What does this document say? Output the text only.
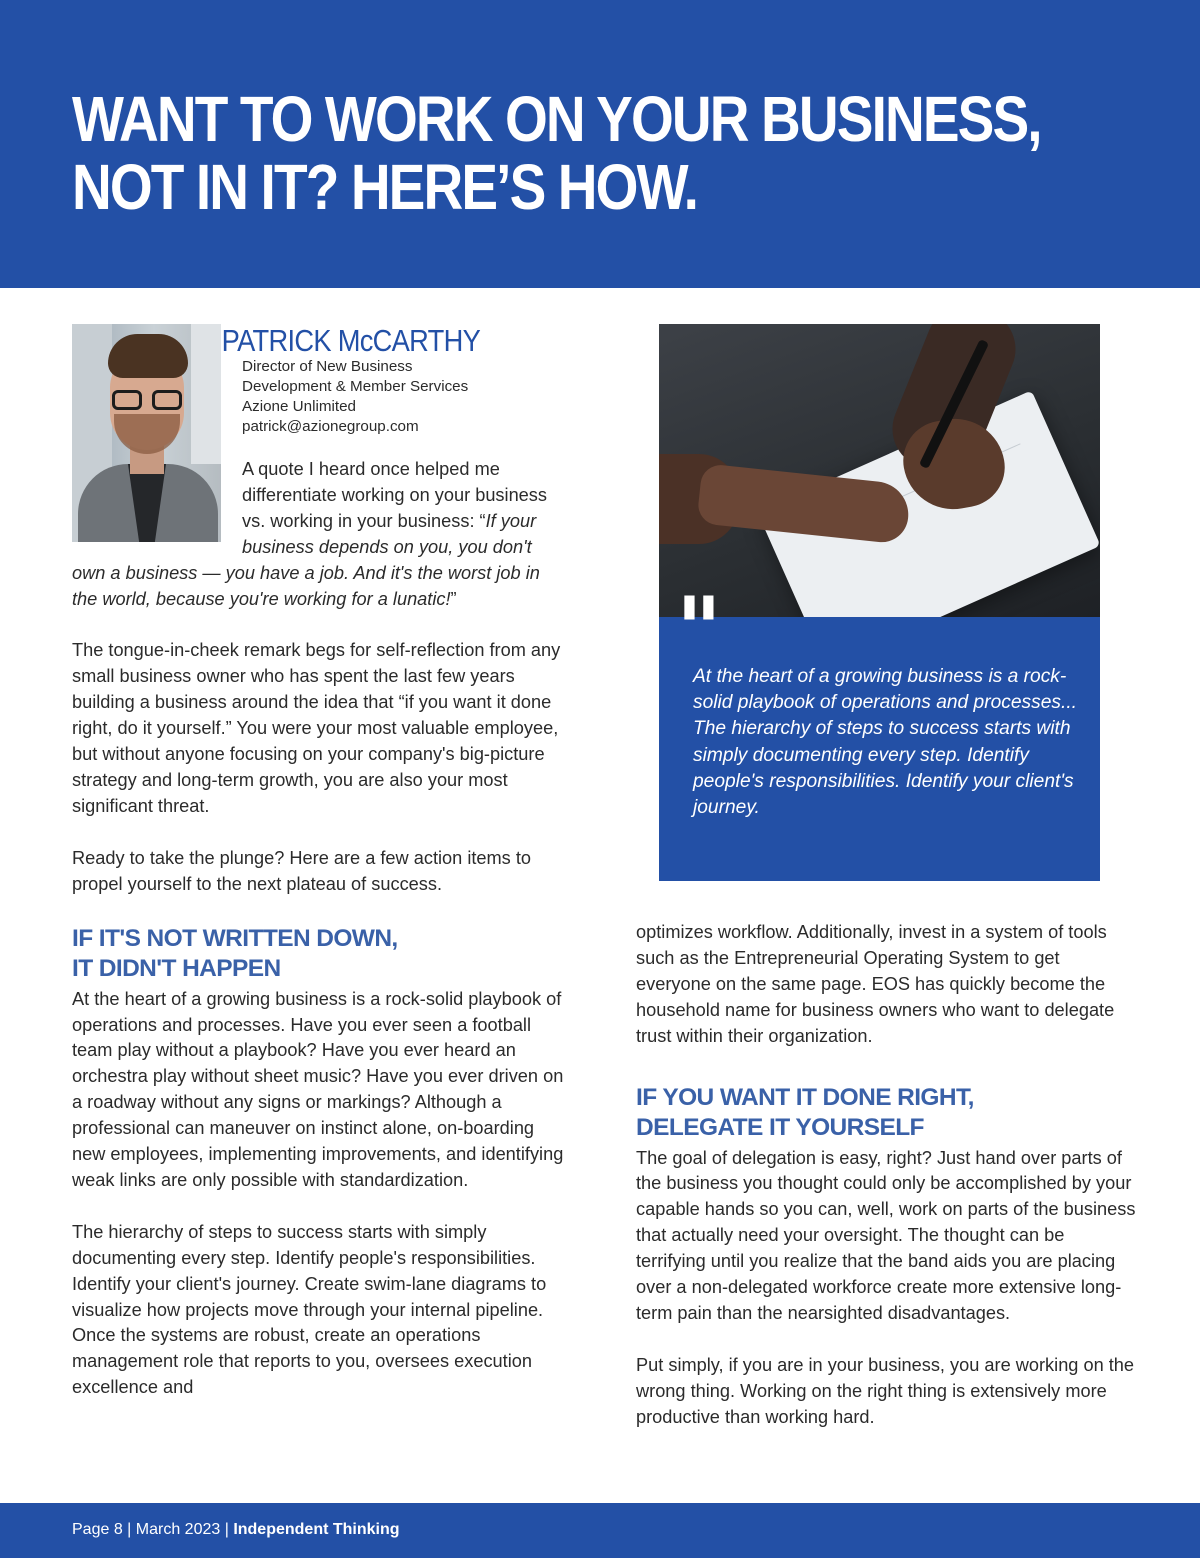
WANT TO WORK ON YOUR BUSINESS,
NOT IN IT? HERE’S HOW.
PATRICK McCARTHY
Director of New Business
Development & Member Services
Azione Unlimited
patrick@azionegroup.com

A quote I heard once helped me differentiate working on your business vs. working in your business: “If your business depends on you, you don't own a business — you have a job. And it's the worst job in the world, because you're working for a lunatic!”

The tongue-in-cheek remark begs for self-reflection from any small business owner who has spent the last few years building a business around the idea that “if you want it done right, do it yourself.” You were your most valuable employee, but without anyone focusing on your company's big-picture strategy and long-term growth, you are also your most significant threat.

Ready to take the plunge? Here are a few action items to propel yourself to the next plateau of success.

IF IT'S NOT WRITTEN DOWN,
IT DIDN'T HAPPEN

At the heart of a growing business is a rock-solid playbook of operations and processes. Have you ever seen a football team play without a playbook? Have you ever heard an orchestra play without sheet music? Have you ever driven on a roadway without any signs or markings? Although a professional can maneuver on instinct alone, on-boarding new employees, implementing improvements, and identifying weak links are only possible with standardization.

The hierarchy of steps to success starts with simply documenting every step. Identify people's responsibilities. Identify your client's journey. Create swim-lane diagrams to visualize how projects move through your internal pipeline. Once the systems are robust, create an operations management role that reports to you, oversees execution excellence and

"

At the heart of a growing business is a rock-solid playbook of operations and processes... The hierarchy of steps to success starts with simply documenting every step. Identify people's responsibilities. Identify your client's journey.

optimizes workflow. Additionally, invest in a system of tools such as the Entrepreneurial Operating System to get everyone on the same page. EOS has quickly become the household name for business owners who want to delegate trust within their organization.

IF YOU WANT IT DONE RIGHT,
DELEGATE IT YOURSELF

The goal of delegation is easy, right? Just hand over parts of the business you thought could only be accomplished by your capable hands so you can, well, work on parts of the business that actually need your oversight. The thought can be terrifying until you realize that the band aids you are placing over a non-delegated workforce create more extensive long-term pain than the nearsighted disadvantages.

Put simply, if you are in your business, you are working on the wrong thing. Working on the right thing is extensively more productive than working hard.

Page 8 | March 2023 | Independent Thinking
